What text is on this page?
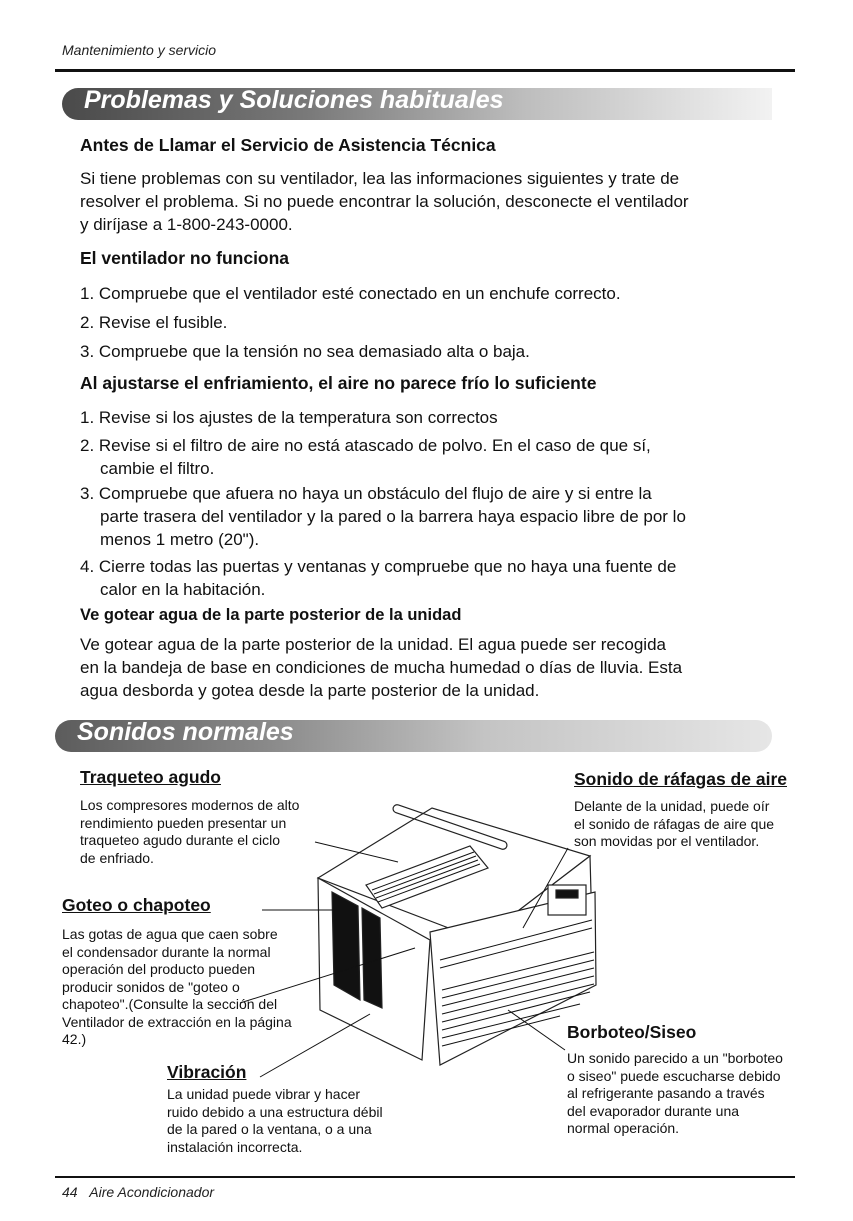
Mantenimiento y servicio
Problemas y Soluciones habituales
Antes de Llamar el Servicio de Asistencia Técnica
Si tiene problemas con su ventilador, lea las informaciones siguientes y trate de
resolver el problema. Si no puede encontrar la solución, desconecte el ventilador
y diríjase a 1-800-243-0000.
El ventilador no funciona
1. Compruebe que el ventilador esté conectado en un enchufe correcto.
2. Revise el fusible.
3. Compruebe que la tensión no sea demasiado alta o baja.
Al ajustarse el enfriamiento, el aire no parece frío lo suficiente
1. Revise si los ajustes de la temperatura son correctos
2. Revise si el filtro de aire no está atascado de polvo. En el caso de que sí,
cambie el filtro.
3. Compruebe que afuera no haya un obstáculo del flujo de aire y si entre la
parte trasera del ventilador y la pared o la barrera haya espacio libre de por lo
menos 1 metro (20").
4. Cierre todas las puertas y ventanas y compruebe que no haya una fuente de
calor en la habitación.
Ve gotear agua de la parte posterior de la unidad
Ve gotear agua de la parte posterior de la unidad. El agua puede ser recogida
en la bandeja de base en condiciones de mucha humedad o días de lluvia. Esta
agua desborda y gotea desde la parte posterior de la unidad.
Sonidos normales
Traqueteo agudo
Los compresores modernos de alto
rendimiento pueden presentar un
traqueteo agudo durante el ciclo
de enfriado.
Sonido de ráfagas de aire
Delante de la unidad, puede oír
el sonido de ráfagas de aire que
son movidas por el ventilador.
Goteo o chapoteo
Las gotas de agua que caen sobre
el condensador durante la normal
operación del producto pueden
producir sonidos de "goteo o
chapoteo".(Consulte la sección del
Ventilador de extracción en la página
42.)	Borboteo/Siseo
Un sonido parecido a un "borboteo
o siseo" puede escucharse debido
al refrigerante pasando a través
del evaporador durante una
normal operación.
Vibración
La unidad puede vibrar y hacer
ruido debido a una estructura débil
de la pared o la ventana, o a una
instalación incorrecta.
44 Aire Acondicionador
